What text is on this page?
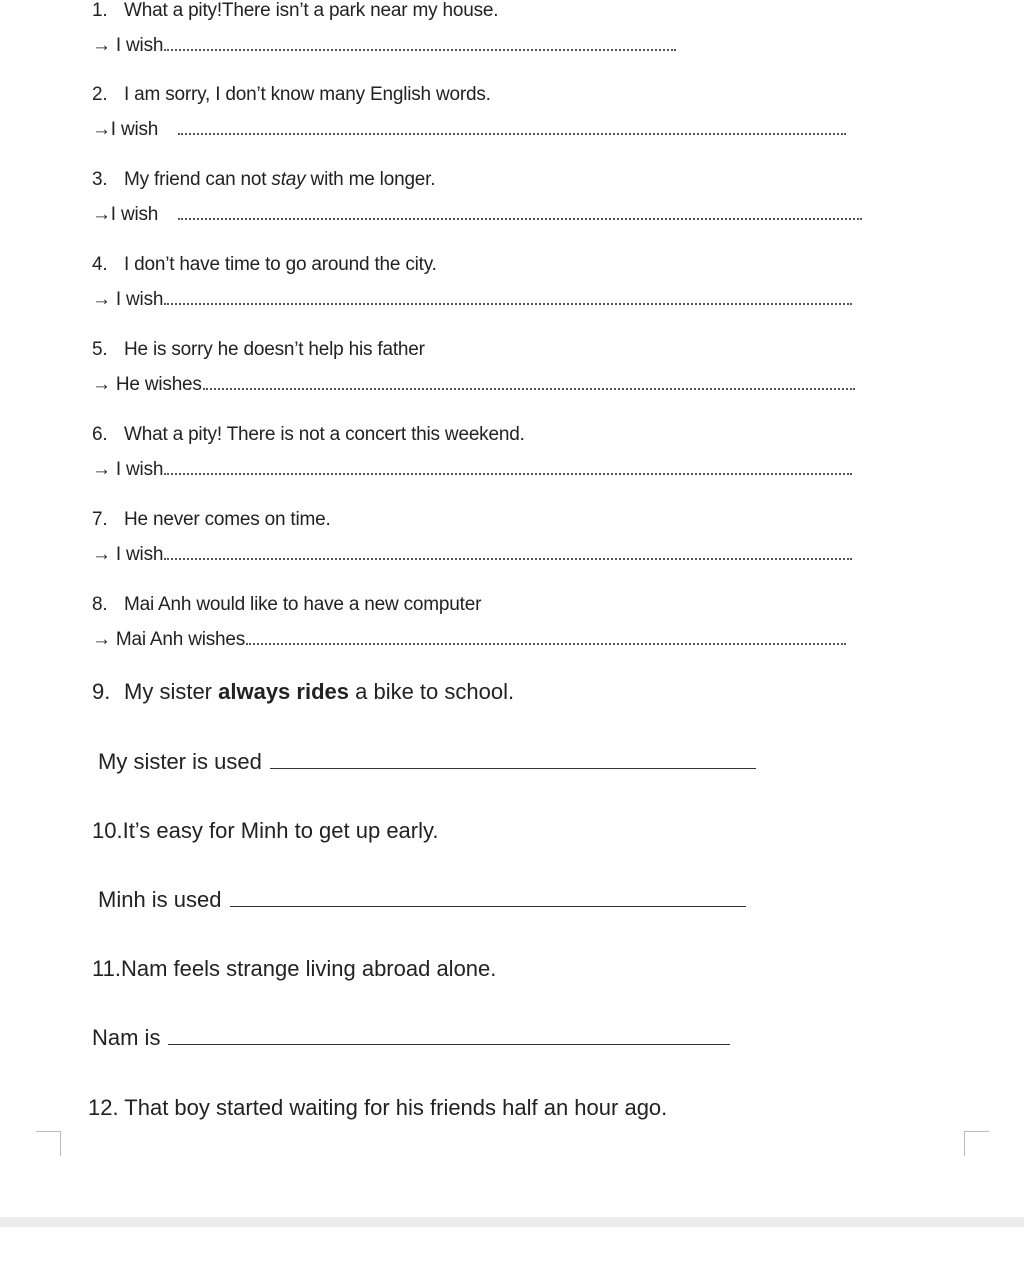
1. What a pity!There isn’t a park near my house.
→ I wish
2. I am sorry, I don’t know many English words.
→I wish
3. My friend can not stay with me longer.
→I wish
4. I don’t have time to go around the city.
→ I wish
5. He is sorry he doesn’t help his father
→ He wishes
6. What a pity! There is not a concert this weekend.
→ I wish
7. He never comes on time.
→ I wish
8. Mai Anh would like to have a new computer
→ Mai Anh wishes
9. My sister always rides a bike to school.
My sister is used
10.It’s easy for Minh to get up early.
Minh is used
11.Nam feels strange living abroad alone.
Nam is
12. That boy started waiting for his friends half an hour ago.
